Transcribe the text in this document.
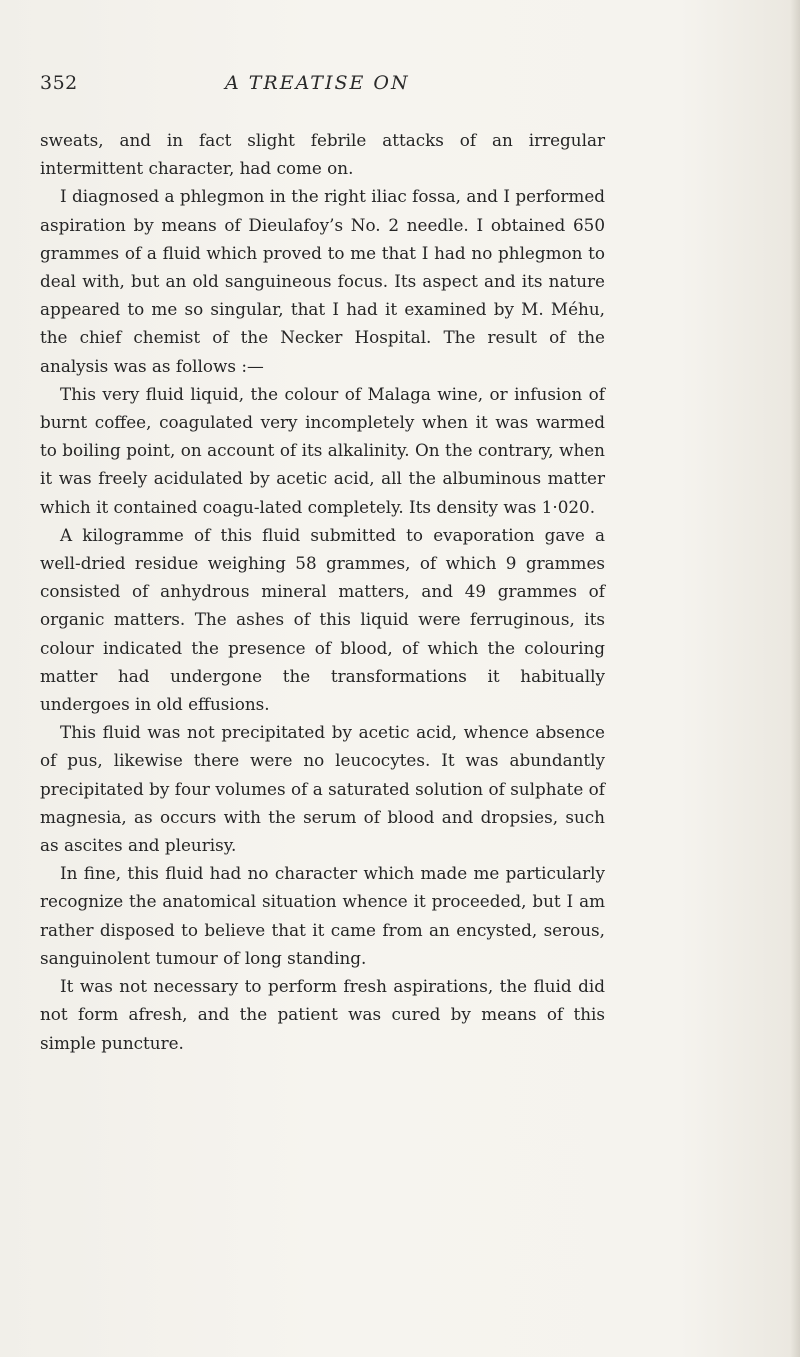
352	A TREATISE ON

sweats, and in fact slight febrile attacks of an irregular intermittent character, had come on.

I diagnosed a phlegmon in the right iliac fossa, and I performed aspiration by means of Dieulafoy’s No. 2 needle. I obtained 650 grammes of a fluid which proved to me that I had no phlegmon to deal with, but an old sanguineous focus. Its aspect and its nature appeared to me so singular, that I had it examined by M. Méhu, the chief chemist of the Necker Hospital. The result of the analysis was as follows :—

This very fluid liquid, the colour of Malaga wine, or infusion of burnt coffee, coagulated very incompletely when it was warmed to boiling point, on account of its alkalinity. On the contrary, when it was freely acidulated by acetic acid, all the albuminous matter which it contained coagu-lated completely. Its density was 1·020.

A kilogramme of this fluid submitted to evaporation gave a well-dried residue weighing 58 grammes, of which 9 grammes consisted of anhydrous mineral matters, and 49 grammes of organic matters. The ashes of this liquid were ferruginous, its colour indicated the presence of blood, of which the colouring matter had undergone the transformations it habitually undergoes in old effusions.

This fluid was not precipitated by acetic acid, whence absence of pus, likewise there were no leucocytes. It was abundantly precipitated by four volumes of a saturated solution of sulphate of magnesia, as occurs with the serum of blood and dropsies, such as ascites and pleurisy.

In fine, this fluid had no character which made me particularly recognize the anatomical situation whence it proceeded, but I am rather disposed to believe that it came from an encysted, serous, sanguinolent tumour of long standing.

It was not necessary to perform fresh aspirations, the fluid did not form afresh, and the patient was cured by means of this simple puncture.
